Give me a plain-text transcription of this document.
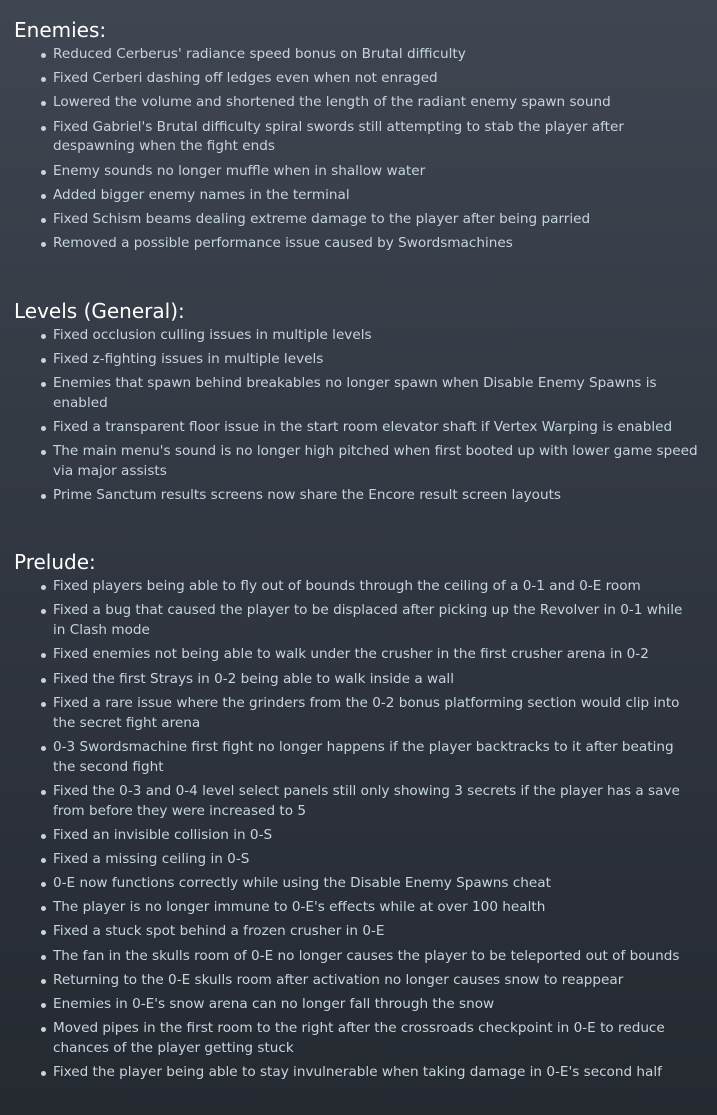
Enemies:
Reduced Cerberus' radiance speed bonus on Brutal difficulty
Fixed Cerberi dashing off ledges even when not enraged
Lowered the volume and shortened the length of the radiant enemy spawn sound
Fixed Gabriel's Brutal difficulty spiral swords still attempting to stab the player after despawning when the fight ends
Enemy sounds no longer muffle when in shallow water
Added bigger enemy names in the terminal
Fixed Schism beams dealing extreme damage to the player after being parried
Removed a possible performance issue caused by Swordsmachines
Levels (General):
Fixed occlusion culling issues in multiple levels
Fixed z-fighting issues in multiple levels
Enemies that spawn behind breakables no longer spawn when Disable Enemy Spawns is enabled
Fixed a transparent floor issue in the start room elevator shaft if Vertex Warping is enabled
The main menu's sound is no longer high pitched when first booted up with lower game speed via major assists
Prime Sanctum results screens now share the Encore result screen layouts
Prelude:
Fixed players being able to fly out of bounds through the ceiling of a 0-1 and 0-E room
Fixed a bug that caused the player to be displaced after picking up the Revolver in 0-1 while in Clash mode
Fixed enemies not being able to walk under the crusher in the first crusher arena in 0-2
Fixed the first Strays in 0-2 being able to walk inside a wall
Fixed a rare issue where the grinders from the 0-2 bonus platforming section would clip into the secret fight arena
0-3 Swordsmachine first fight no longer happens if the player backtracks to it after beating the second fight
Fixed the 0-3 and 0-4 level select panels still only showing 3 secrets if the player has a save from before they were increased to 5
Fixed an invisible collision in 0-S
Fixed a missing ceiling in 0-S
0-E now functions correctly while using the Disable Enemy Spawns cheat
The player is no longer immune to 0-E's effects while at over 100 health
Fixed a stuck spot behind a frozen crusher in 0-E
The fan in the skulls room of 0-E no longer causes the player to be teleported out of bounds
Returning to the 0-E skulls room after activation no longer causes snow to reappear
Enemies in 0-E's snow arena can no longer fall through the snow
Moved pipes in the first room to the right after the crossroads checkpoint in 0-E to reduce chances of the player getting stuck
Fixed the player being able to stay invulnerable when taking damage in 0-E's second half
